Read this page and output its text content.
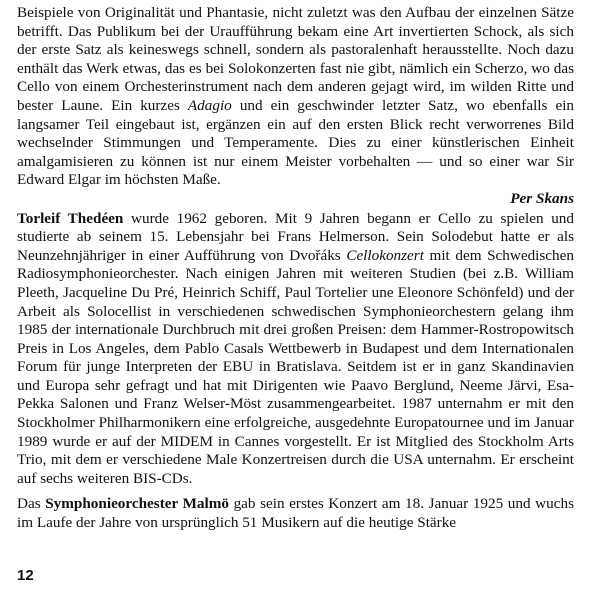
Beispiele von Originalität und Phantasie, nicht zuletzt was den Aufbau der einzelnen Sätze betrifft. Das Publikum bei der Uraufführung bekam eine Art invertierten Schock, als sich der erste Satz als keineswegs schnell, sondern als pastoralenhaft herausstellte. Noch dazu enthält das Werk etwas, das es bei Solokonzerten fast nie gibt, nämlich ein Scherzo, wo das Cello von einem Orchesterinstrument nach dem anderen gejagt wird, im wilden Ritte und bester Laune. Ein kurzes Adagio und ein geschwinder letzter Satz, wo ebenfalls ein langsamer Teil eingebaut ist, ergänzen ein auf den ersten Blick recht verworrenes Bild wechselnder Stimmungen und Temperamente. Dies zu einer künstlerischen Einheit amalgamisieren zu können ist nur einem Meister vorbehalten — und so einer war Sir Edward Elgar im höchsten Maße.

Per Skans

Torleif Thedéen wurde 1962 geboren. Mit 9 Jahren begann er Cello zu spielen und studierte ab seinem 15. Lebensjahr bei Frans Helmerson. Sein Solodebut hatte er als Neunzehnjähriger in einer Aufführung von Dvořáks Cellokonzert mit dem Schwedischen Radiosymphonieorchester. Nach einigen Jahren mit weiteren Studien (bei z.B. William Pleeth, Jacqueline Du Pré, Heinrich Schiff, Paul Tortelier une Eleonore Schönfeld) und der Arbeit als Solocellist in verschiedenen schwedischen Symphonieorchestern gelang ihm 1985 der internationale Durchbruch mit drei großen Preisen: dem Hammer-Rostropowitsch Preis in Los Angeles, dem Pablo Casals Wettbewerb in Budapest und dem Internationalen Forum für junge Interpreten der EBU in Bratislava. Seitdem ist er in ganz Skandinavien und Europa sehr gefragt und hat mit Dirigenten wie Paavo Berglund, Neeme Järvi, Esa-Pekka Salonen und Franz Welser-Möst zusammengearbeitet. 1987 unternahm er mit den Stockholmer Philharmonikern eine erfolgreiche, ausgedehnte Europatournee und im Januar 1989 wurde er auf der MIDEM in Cannes vorgestellt. Er ist Mitglied des Stockholm Arts Trio, mit dem er verschiedene Male Konzertreisen durch die USA unternahm. Er erscheint auf sechs weiteren BIS-CDs.

Das Symphonieorchester Malmö gab sein erstes Konzert am 18. Januar 1925 und wuchs im Laufe der Jahre von ursprünglich 51 Musikern auf die heutige Stärke

12
